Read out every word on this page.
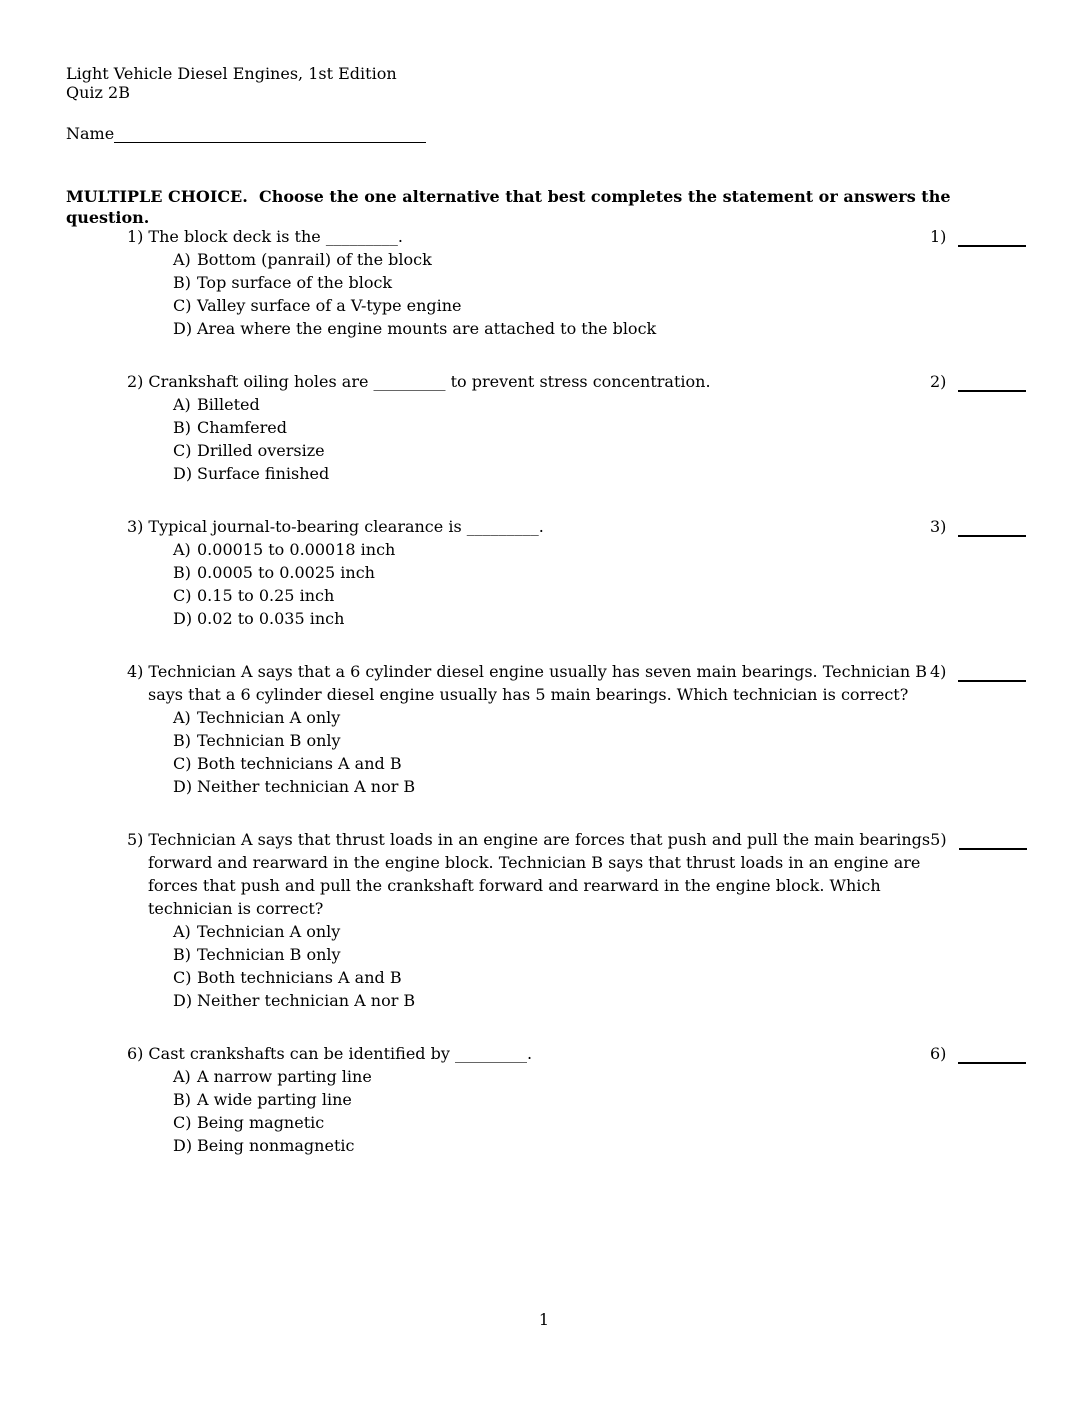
Light Vehicle Diesel Engines, 1st Edition
Quiz 2B
Name
MULTIPLE CHOICE.  Choose the one alternative that best completes the statement or answers the question.
1) The block deck is the _________.
A) Bottom (panrail) of the block
B) Top surface of the block
C) Valley surface of a V-type engine
D) Area where the engine mounts are attached to the block
1)
2) Crankshaft oiling holes are _________ to prevent stress concentration.
A) Billeted
B) Chamfered
C) Drilled oversize
D) Surface finished
2)
3) Typical journal-to-bearing clearance is _________.
A) 0.00015 to 0.00018 inch
B) 0.0005 to 0.0025 inch
C) 0.15 to 0.25 inch
D) 0.02 to 0.035 inch
3)
4) Technician A says that a 6 cylinder diesel engine usually has seven main bearings. Technician B
says that a 6 cylinder diesel engine usually has 5 main bearings. Which technician is correct?
A) Technician A only
B) Technician B only
C) Both technicians A and B
D) Neither technician A nor B
4)
5) Technician A says that thrust loads in an engine are forces that push and pull the main bearings
forward and rearward in the engine block. Technician B says that thrust loads in an engine are
forces that push and pull the crankshaft forward and rearward in the engine block. Which
technician is correct?
A) Technician A only
B) Technician B only
C) Both technicians A and B
D) Neither technician A nor B
5)
6) Cast crankshafts can be identified by _________.
A) A narrow parting line
B) A wide parting line
C) Being magnetic
D) Being nonmagnetic
6)
1
